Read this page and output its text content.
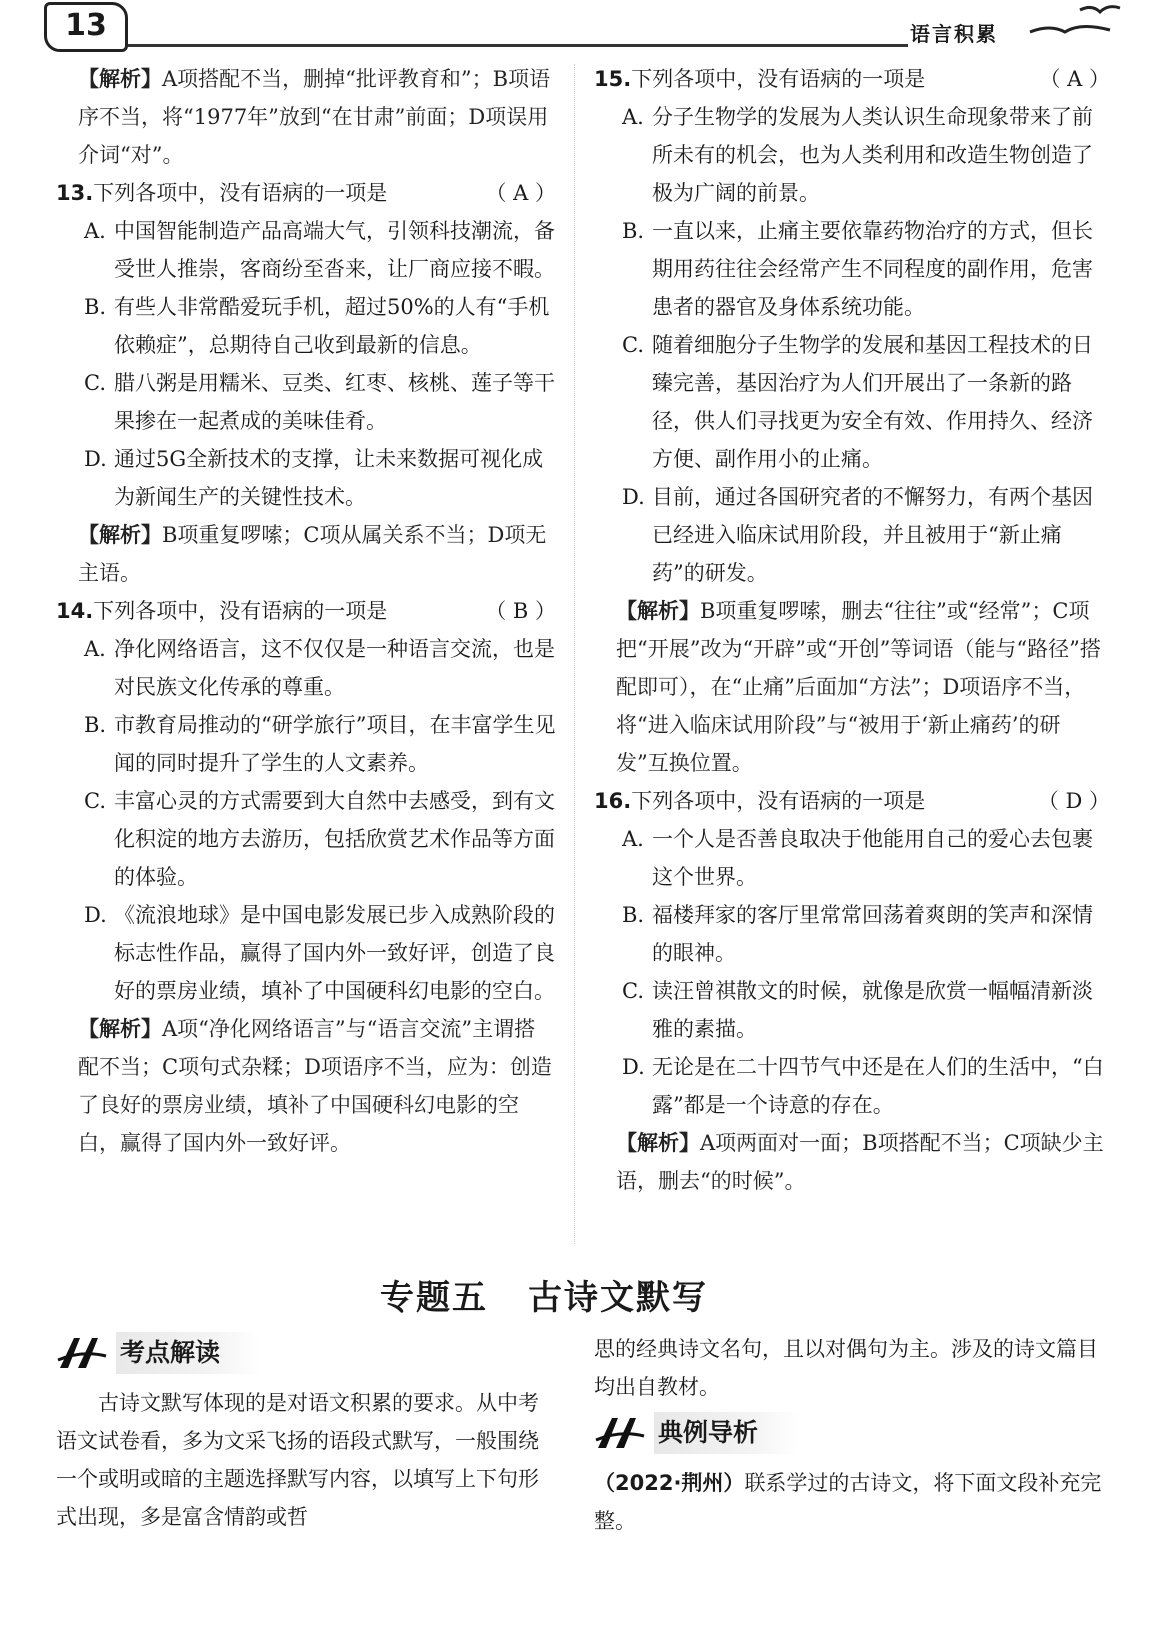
13	语言积累

【解析】A项搭配不当，删掉“批评教育和”；B项语序不当，将“1977年”放到“在甘肃”前面；D项误用介词“对”。

13. 下列各项中，没有语病的一项是	（ A ）

A. 中国智能制造产品高端大气，引领科技潮流，备受世人推崇，客商纷至沓来，让厂商应接不暇。

B. 有些人非常酷爱玩手机，超过50%的人有“手机依赖症”，总期待自己收到最新的信息。

C. 腊八粥是用糯米、豆类、红枣、核桃、莲子等干果掺在一起煮成的美味佳肴。

D. 通过5G全新技术的支撑，让未来数据可视化成为新闻生产的关键性技术。

【解析】B项重复啰嗦；C项从属关系不当；D项无主语。

14. 下列各项中，没有语病的一项是	（ B ）

A. 净化网络语言，这不仅仅是一种语言交流，也是对民族文化传承的尊重。

B. 市教育局推动的“研学旅行”项目，在丰富学生见闻的同时提升了学生的人文素养。

C. 丰富心灵的方式需要到大自然中去感受，到有文化积淀的地方去游历，包括欣赏艺术作品等方面的体验。

D. 《流浪地球》是中国电影发展已步入成熟阶段的标志性作品，赢得了国内外一致好评，创造了良好的票房业绩，填补了中国硬科幻电影的空白。

【解析】A项“净化网络语言”与“语言交流”主谓搭配不当；C项句式杂糅；D项语序不当，应为：创造了良好的票房业绩，填补了中国硬科幻电影的空白，赢得了国内外一致好评。

15. 下列各项中，没有语病的一项是	（ A ）

A. 分子生物学的发展为人类认识生命现象带来了前所未有的机会，也为人类利用和改造生物创造了极为广阔的前景。

B. 一直以来，止痛主要依靠药物治疗的方式，但长期用药往往会经常产生不同程度的副作用，危害患者的器官及身体系统功能。

C. 随着细胞分子生物学的发展和基因工程技术的日臻完善，基因治疗为人们开展出了一条新的路径，供人们寻找更为安全有效、作用持久、经济方便、副作用小的止痛。

D. 目前，通过各国研究者的不懈努力，有两个基因已经进入临床试用阶段，并且被用于“新止痛药”的研发。

【解析】B项重复啰嗦，删去“往往”或“经常”；C项把“开展”改为“开辟”或“开创”等词语（能与“路径”搭配即可），在“止痛”后面加“方法”；D项语序不当，将“进入临床试用阶段”与“被用于‘新止痛药’的研发”互换位置。

16. 下列各项中，没有语病的一项是	（ D ）

A. 一个人是否善良取决于他能用自己的爱心去包裹这个世界。

B. 福楼拜家的客厅里常常回荡着爽朗的笑声和深情的眼神。

C. 读汪曾祺散文的时候，就像是欣赏一幅幅清新淡雅的素描。

D. 无论是在二十四节气中还是在人们的生活中，“白露”都是一个诗意的存在。

【解析】A项两面对一面；B项搭配不当；C项缺少主语，删去“的时候”。

专题五 古诗文默写
考点解读

古诗文默写体现的是对语文积累的要求。从中考语文试卷看，多为文采飞扬的语段式默写，一般围绕一个或明或暗的主题选择默写内容，以填写上下句形式出现，多是富含情韵或哲

思的经典诗文名句，且以对偶句为主。涉及的诗文篇目均出自教材。

典例导析

（2022·荆州）联系学过的古诗文，将下面文段补充完整。
